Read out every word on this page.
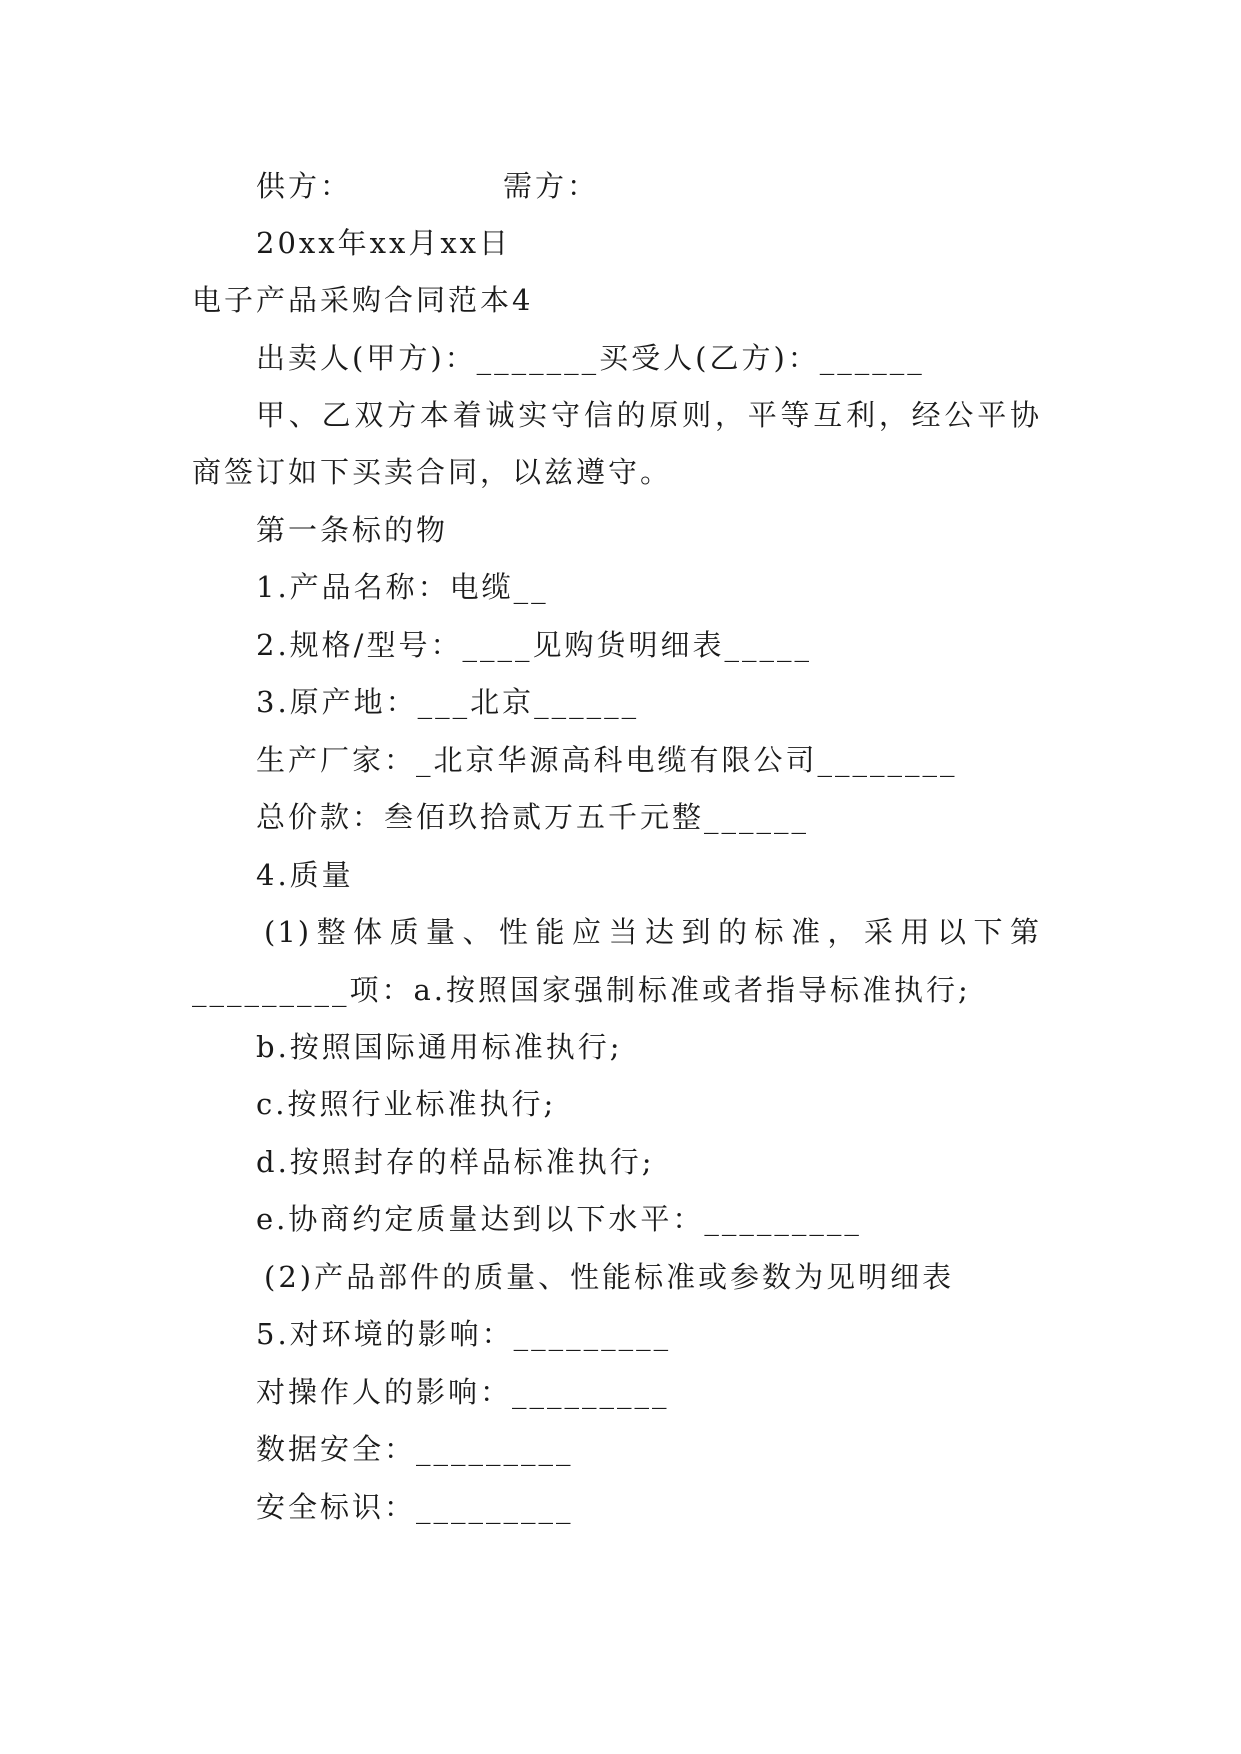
供方：	需方：
20xx年xx月xx日
电子产品采购合同范本4
出卖人(甲方)：_______买受人(乙方)：______
甲、乙双方本着诚实守信的原则，平等互利，经公平协
商签订如下买卖合同，以兹遵守。
第一条标的物
1.产品名称：电缆__
2.规格/型号：____见购货明细表_____
3.原产地：___北京______
生产厂家：_北京华源高科电缆有限公司________
总价款：叁佰玖拾贰万五千元整______
4.质量
(1)整体质量、性能应当达到的标准，采用以下第
_________项：a.按照国家强制标准或者指导标准执行;
b.按照国际通用标准执行;
c.按照行业标准执行;
d.按照封存的样品标准执行;
e.协商约定质量达到以下水平：_________
(2)产品部件的质量、性能标准或参数为见明细表
5.对环境的影响：_________
对操作人的影响：_________
数据安全：_________
安全标识：_________
